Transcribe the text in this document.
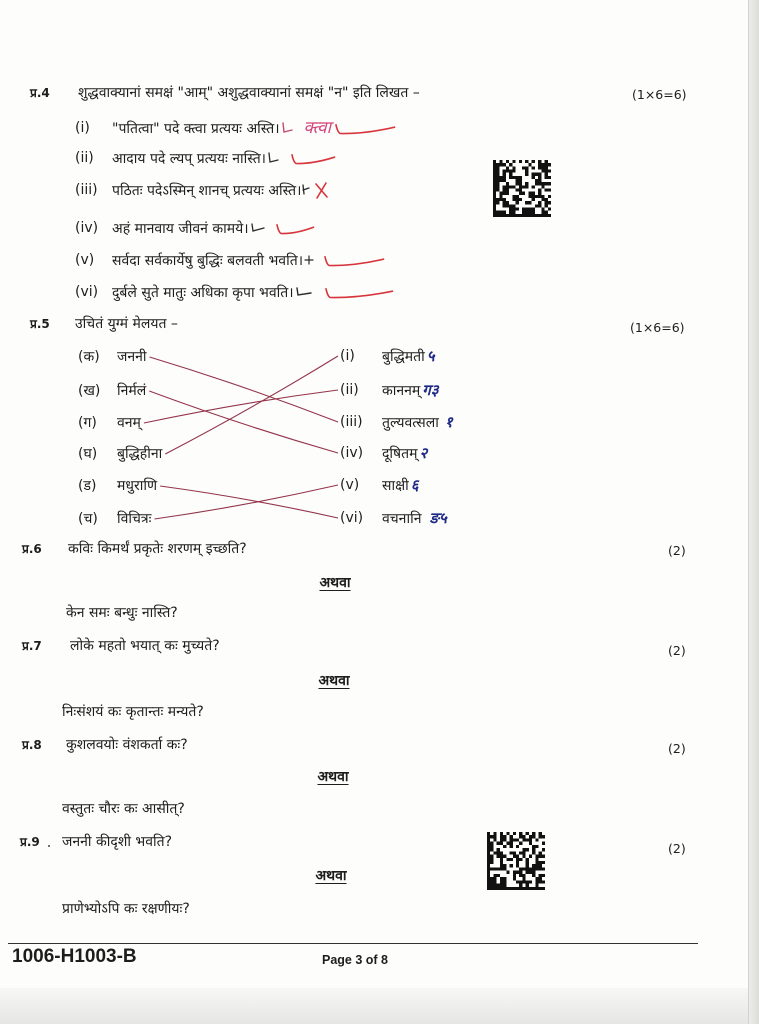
प्र.4 शुद्धवाक्यानां समक्षं "आम्" अशुद्धवाक्यानां समक्षं "न" इति लिखत –	(1×6=6)
(i)	"पतित्वा" पदे क्त्वा प्रत्ययः अस्ति। क्त्वा
(ii)	आदाय पदे ल्यप् प्रत्ययः नास्ति।
(iii)	पठितः पदेऽस्मिन् शानच् प्रत्ययः अस्ति।
(iv) अहं मानवाय जीवनं कामये।
(v)	सर्वदा सर्वकार्येषु बुद्धिः बलवती भवति।
(vi) दुर्बले सुते मातुः अधिका कृपा भवति।
प्र.5 उचितं युग्मं मेलयत –	(1×6=6)
(क)	जननी
(ख)	निर्मलं
(ग)	वनम्
(घ)	बुद्धिहीना
(ड)	मधुराणि
(च)	विचित्रः
(i)	बुद्धिमती ५
(ii)	काननम् ग३
(iii)	तुल्यवत्सला १
(iv)	दूषितम् २
(v)	साक्षी ६
(vi)	वचनानि ङ५
प्र.6 कविः किमर्थं प्रकृतेः शरणम् इच्छति?	(2)
अथवा
केन समः बन्धुः नास्ति?
प्र.7 लोके महतो भयात् कः मुच्यते?	(2)
अथवा
निःसंशयं कः कृतान्तः मन्यते?
प्र.8 कुशलवयोः वंशकर्ता कः?	(2)
अथवा
वस्तुतः चौरः कः आसीत्?
प्र.9 जननी कीदृशी भवति?	(2)
अथवा
प्राणेभ्योऽपि कः रक्षणीयः?
1006-H1003-B	Page 3 of 8
